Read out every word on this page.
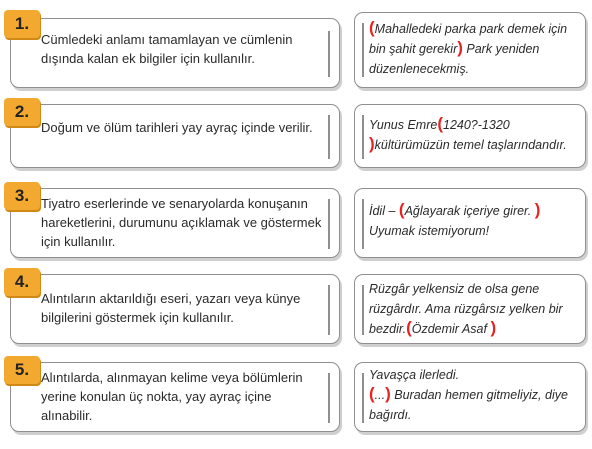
1.
Cümledeki anlamı tamamlayan ve cümlenin dışında kalan ek bilgiler için kullanılır.
(Mahalledeki parka park demek için bin şahit gerekir) Park yeniden düzenlenecekmiş.
2.
Doğum ve ölüm tarihleri yay ayraç içinde verilir.	Yunus Emre(1240?-1320 )kültürümüzün temel taşlarındandır.
3. Tiyatro eserlerinde ve senaryolarda konuşanın hareketlerini, durumunu açıklamak ve göstermek için kullanılır.
İdil – (Ağlayarak içeriye girer. ) Uyumak istemiyorum!
4.
Alıntıların aktarıldığı eseri, yazarı veya künye bilgilerini göstermek için kullanılır.
Rüzgâr yelkensiz de olsa gene rüzgârdır. Ama rüzgârsız yelken bir bezdir.(Özdemir Asaf )
5. Alıntılarda, alınmayan kelime veya bölümlerin yerine konulan üç nokta, yay ayraç içine alınabilir.
Yavaşça ilerledi.
(...) Buradan hemen gitmeliyiz, diye bağırdı.
